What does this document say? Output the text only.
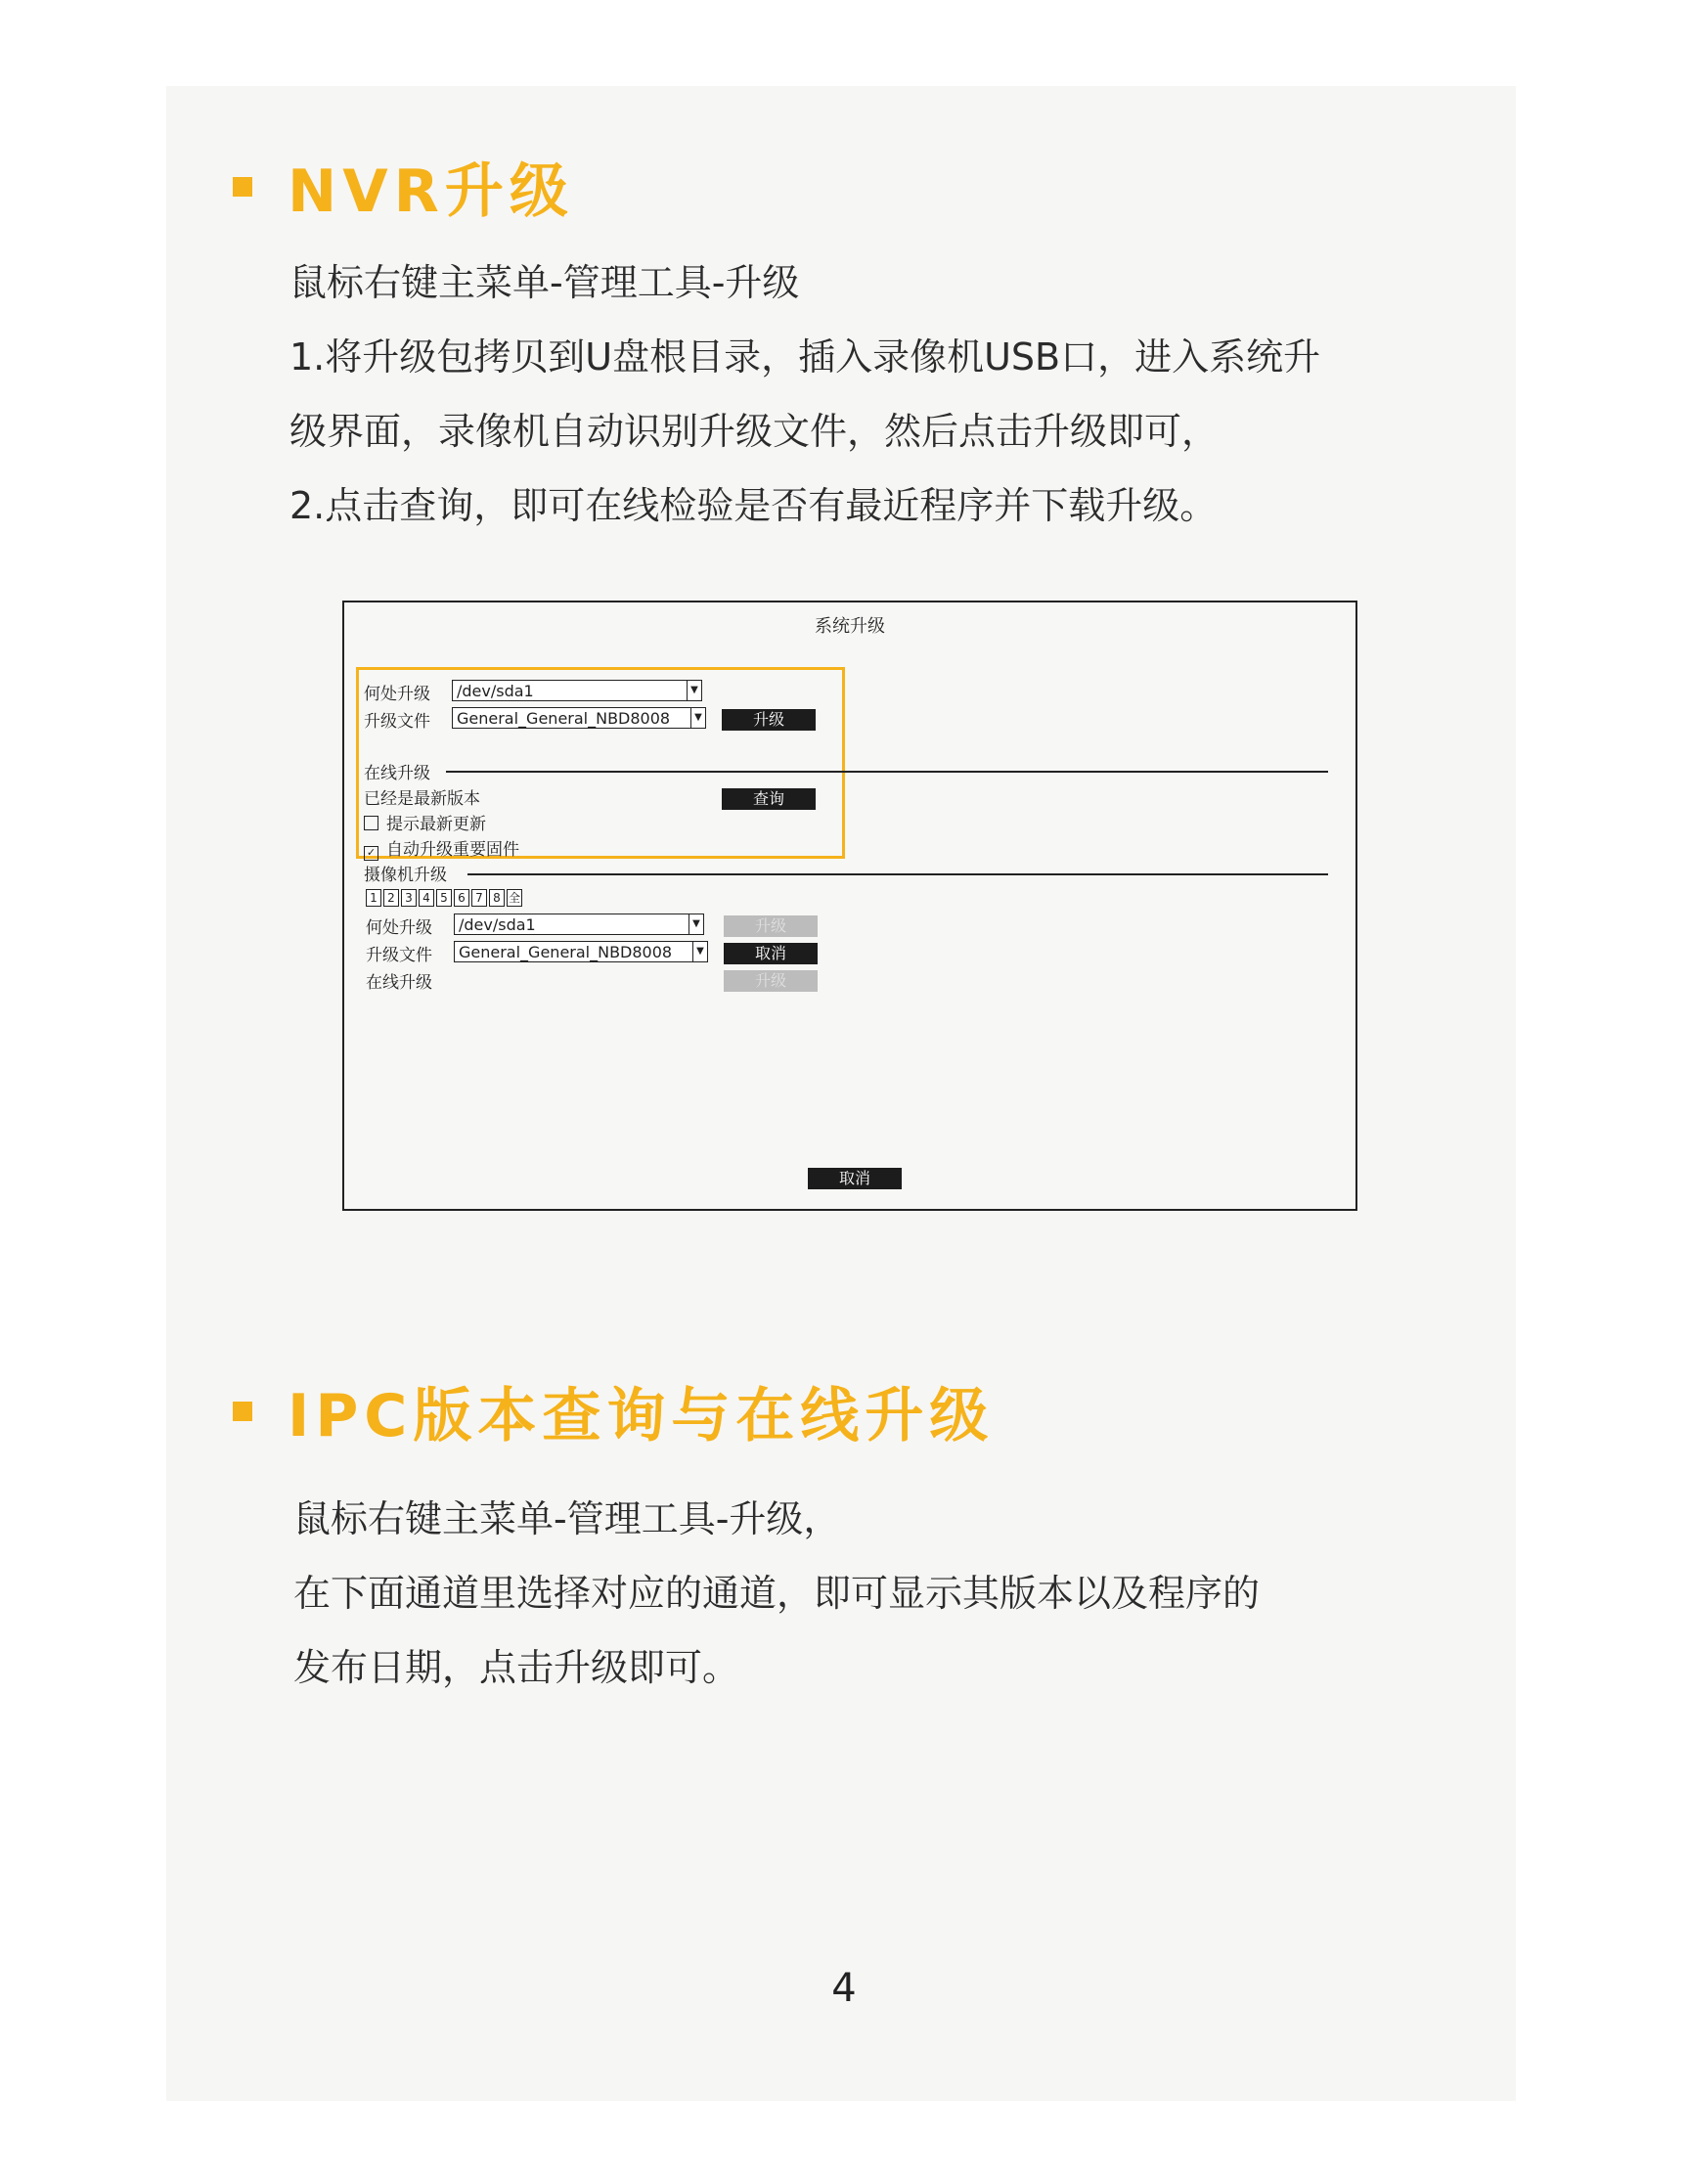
NVR升级
鼠标右键主菜单-管理工具-升级
1.将升级包拷贝到U盘根目录，插入录像机USB口，进入系统升
级界面，录像机自动识别升级文件，然后点击升级即可，
2.点击查询，即可在线检验是否有最近程序并下载升级。
系统升级
何处升级	/dev/sda1	▼
升级文件	General_General_NBD8008	▼	升级
在线升级
已经是最新版本	查询
提示最新更新
✓ 自动升级重要固件
摄像机升级
1 2 3 4 5 6 7 8 全
何处升级	/dev/sda1	▼	升级
升级文件	General_General_NBD8008	▼	取消
在线升级	升级
取消
IPC版本查询与在线升级
鼠标右键主菜单-管理工具-升级，
在下面通道里选择对应的通道，即可显示其版本以及程序的
发布日期，点击升级即可。
4
